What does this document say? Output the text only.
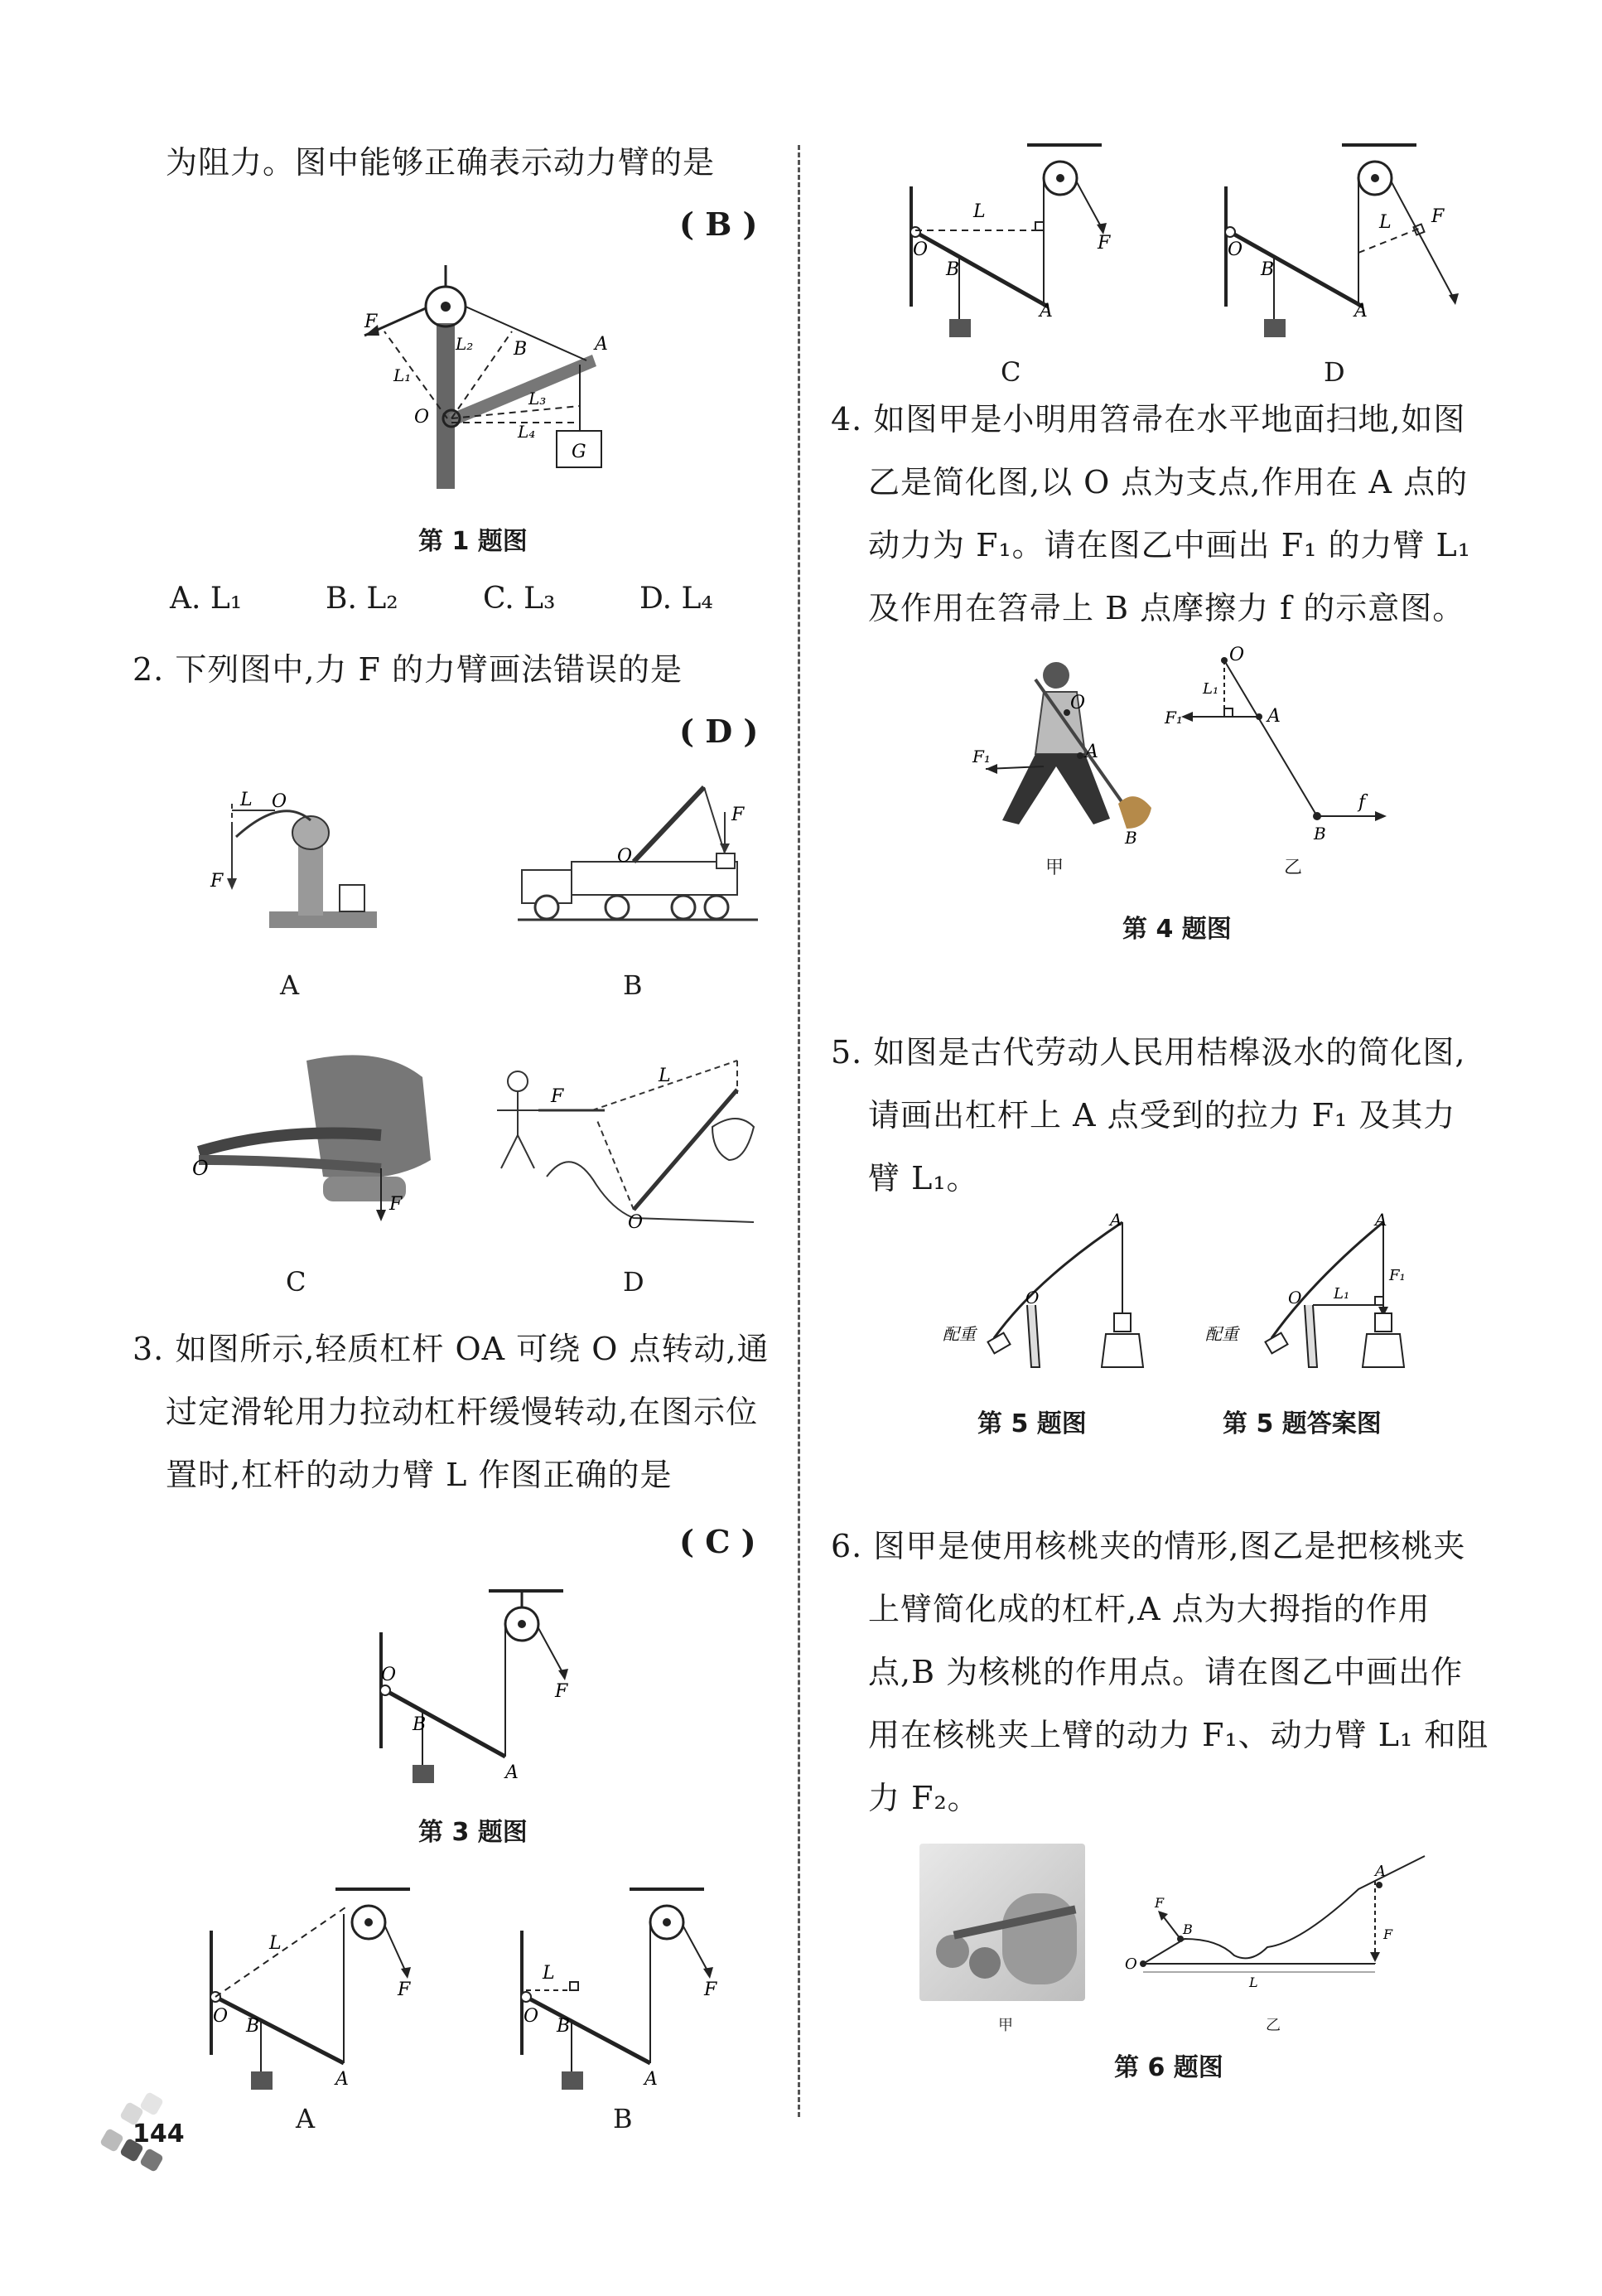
为阻力。图中能够正确表示动力臂的是
( B )
F
B	A
O
G
L₁
L₂
L₃
L₄
第 1 题图
A. L₁	B. L₂	C. L₃	D. L₄
2. 下列图中,力 F 的力臂画法错误的是
( D )
L O
F
A
O
F
B
O
F
C
F
L
O
D
3. 如图所示,轻质杠杆 OA 可绕 O 点转动,通
过定滑轮用力拉动杠杆缓慢转动,在图示位
置时,杠杆的动力臂 L 作图正确的是
( C )
O
B
A
F
第 3 题图
L
O B
A
F
A
L
O B
A
F
B
L
O
B
A
F
C
L
O
B
A
F
D
4. 如图甲是小明用笤帚在水平地面扫地,如图
乙是简化图,以 O 点为支点,作用在 A 点的
动力为 F₁。请在图乙中画出 F₁ 的力臂 L₁
及作用在笤帚上 B 点摩擦力 f 的示意图。
O
A
F₁
B
甲
O
A
F₁
L₁
B
f
乙
第 4 题图
5. 如图是古代劳动人民用桔槔汲水的简化图,
请画出杠杆上 A 点受到的拉力 F₁ 及其力
臂 L₁。
O
A
配重
第 5 题图
O
A
F₁
L₁
配重
第 5 题答案图
6. 图甲是使用核桃夹的情形,图乙是把核桃夹
上臂简化成的杠杆,A 点为大拇指的作用
点,B 为核桃的作用点。请在图乙中画出作
用在核桃夹上臂的动力 F₁、动力臂 L₁ 和阻
力 F₂。
甲
O
B
A
F
F
L
乙
第 6 题图
144
